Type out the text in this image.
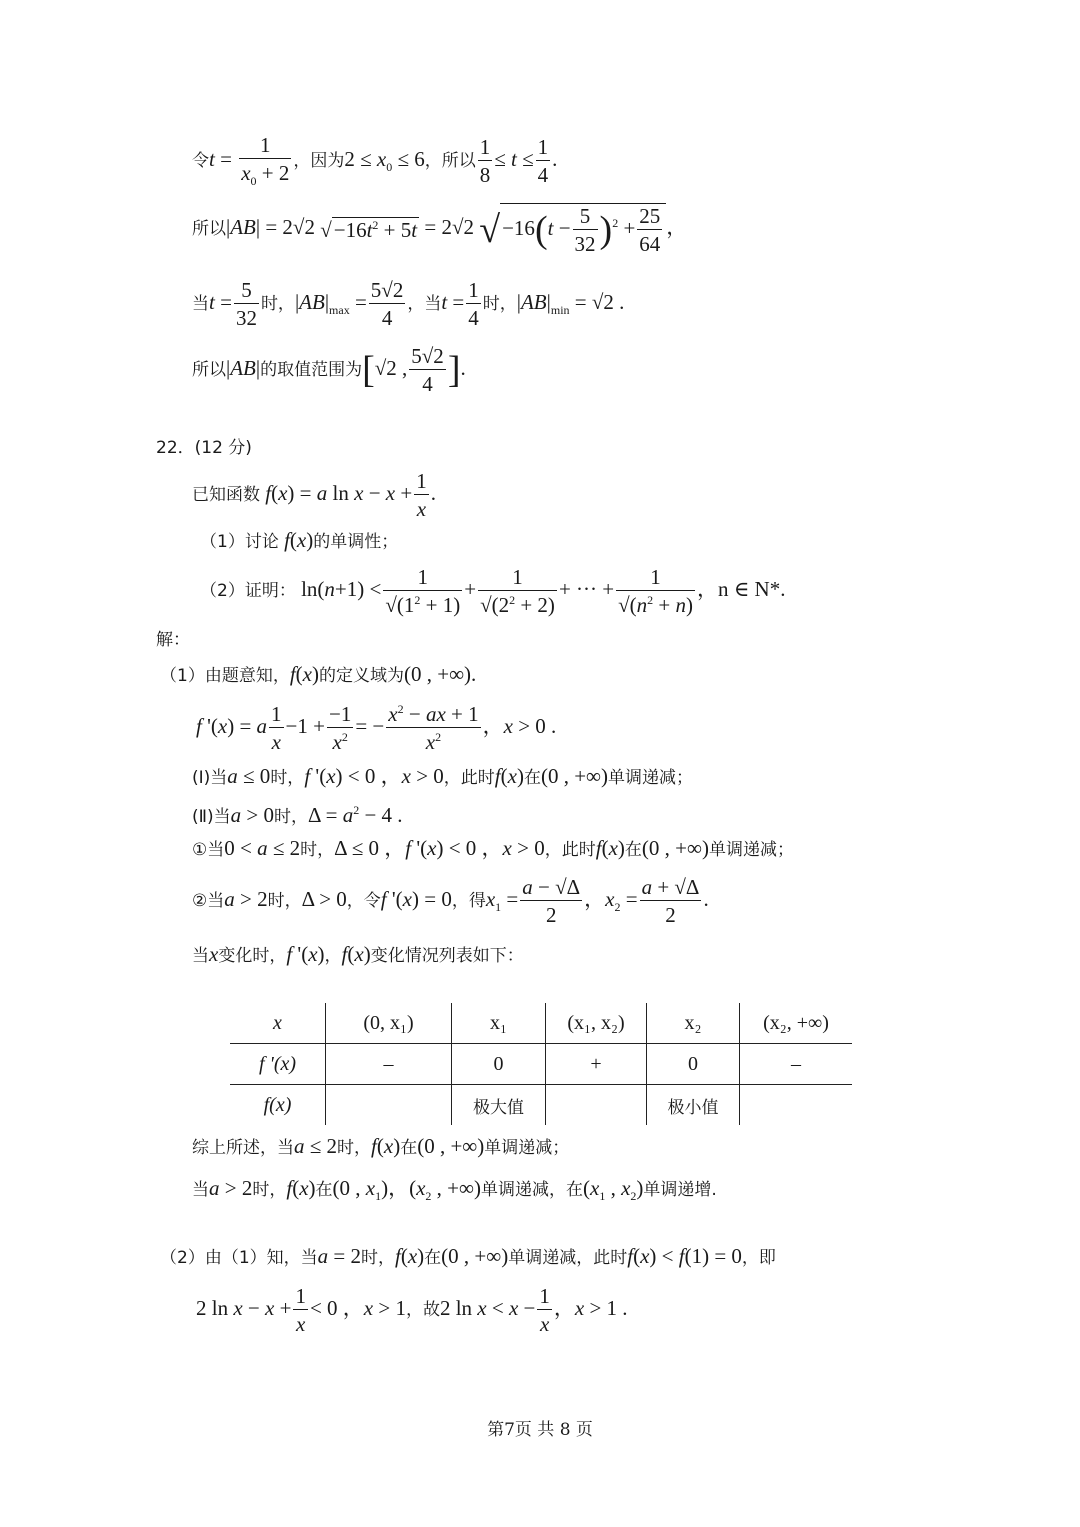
令$t = \frac{1}{x_0 + 2}$ ，因为$2 \le x_0 \le 6$，所以 $\frac{1}{8} \le t \le \frac{1}{4}$ .
所以|AB| = 2√2 $√-16t^2 + 5t = 2√2$ $√-16(t - \frac{5}{32} )^2 + \frac{25}{64}$ ，
当$t = \frac{5}{32}$ 时，$|AB|_{max} = \frac{5√2}{4}$ ，当$t = \frac{1}{4}$ 时，$|AB|_{min} = √2$ .
所以|AB|的取值范围为[√2 , $\frac{5√2}{4}$ ].
22．(12 分)
已知函数 f(x) = a $\ln x - x + \frac{1}{x}$ .
（1）讨论 f(x)的单调性；
（2）证明： $\ln(n+1) < \frac{1}{√(1^2 + 1)} + \frac{1}{√(2^2 + 2)}$ + ··· + $\frac{1}{√(n^2 + n)}$ ，n ∈ N*.
解：
（1）由题意知，f(x)的定义域为(0 , +∞).
f '(x) = a $\frac{1}{x} -1 + \frac{-1}{x^2}$ = − $\frac{x^2 - ax + 1}{x^2}$ ，x > 0 .
(Ⅰ)当a ≤ 0时，f '(x) < 0 ，x > 0，此时f(x)在(0 , +∞)单调递减；
(Ⅱ)当a > 0时，$\Delta = a^2 - 4$ .
①当0 < a ≤ 2时，Δ ≤ 0 ，f '(x) < 0 ，x > 0，此时f(x)在(0 , +∞)单调递减；
②当a > 2时，Δ > 0，令f '(x) = 0，得$x_1 = \frac{a - √\Delta}{2}$ ，$x_2 = \frac{a + √\Delta}{2}$ .
当x变化时，f '(x)，f(x)变化情况列表如下：
x	(0, x₁)	x₁	(x₁, x₂)	x₂	(x₂, +∞)
f '(x)	–	0	+	0	–
f(x)		极大值		极小值	
综上所述，当a ≤ 2时，f(x)在(0 , +∞)单调递减；
当a > 2时，f(x)在(0 , $x_1$)，($x_2$ , +∞)单调递减，在($x_1$ , $x_2$)单调递增.
（2）由（1）知，当a = 2时，f(x)在(0 , +∞)单调递减，此时f(x) < f(1) = 0，即
2 $\ln x - x + \frac{1}{x} < 0$ ，x > 1，故2 $\ln x < x - \frac{1}{x}$ ，x > 1 .
第7页 共 8 页
